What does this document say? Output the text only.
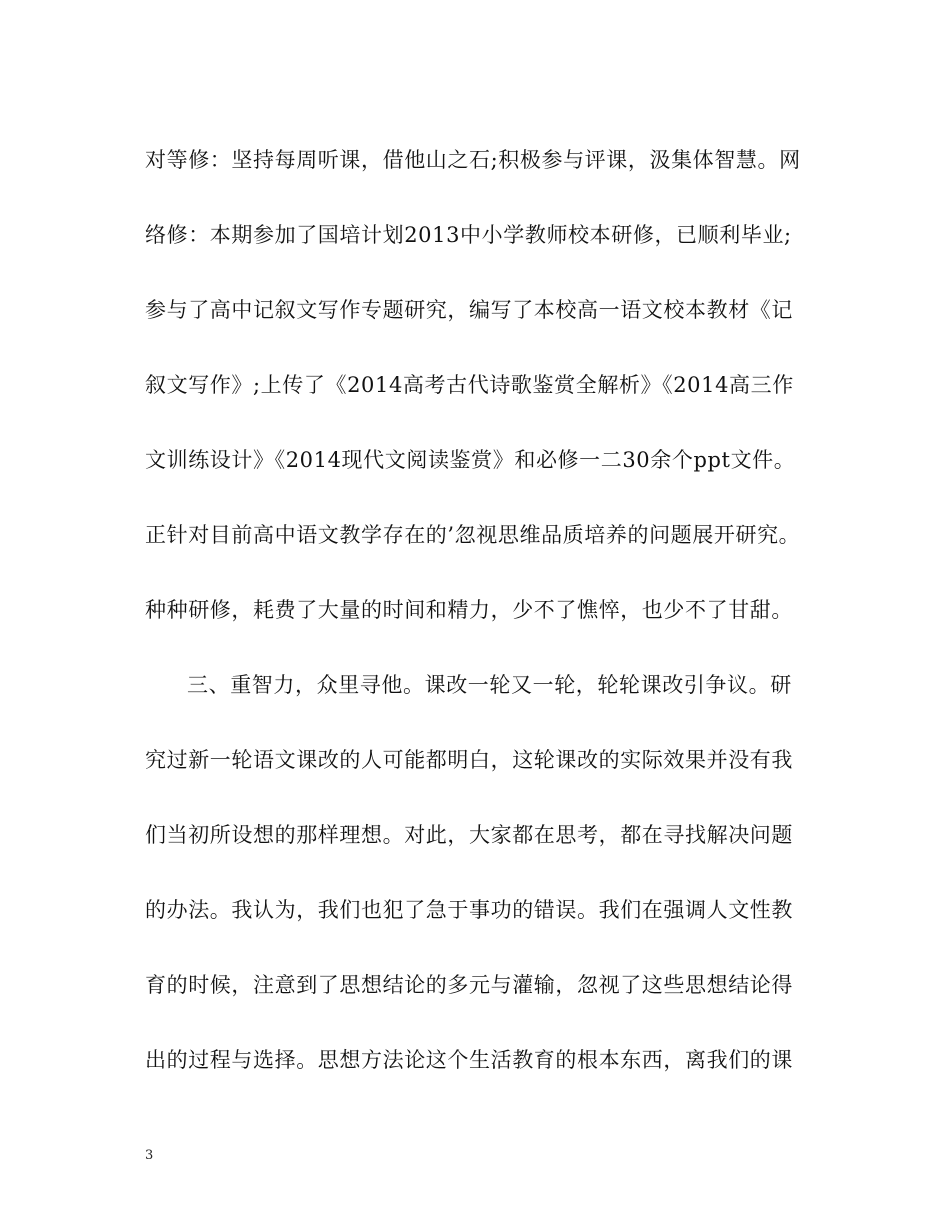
对等修：坚持每周听课，借他山之石;积极参与评课，汲集体智慧。网
络修：本期参加了国培计划2013中小学教师校本研修，已顺利毕业;
参与了高中记叙文写作专题研究，编写了本校高一语文校本教材《记
叙文写作》;上传了《2014高考古代诗歌鉴赏全解析》《2014高三作
文训练设计》《2014现代文阅读鉴赏》和必修一二30余个ppt文件。
正针对目前高中语文教学存在的’忽视思维品质培养的问题展开研究。
种种研修，耗费了大量的时间和精力，少不了憔悴，也少不了甘甜。
三、重智力，众里寻他。课改一轮又一轮，轮轮课改引争议。研
究过新一轮语文课改的人可能都明白，这轮课改的实际效果并没有我
们当初所设想的那样理想。对此，大家都在思考，都在寻找解决问题
的办法。我认为，我们也犯了急于事功的错误。我们在强调人文性教
育的时候，注意到了思想结论的多元与灌输，忽视了这些思想结论得
出的过程与选择。思想方法论这个生活教育的根本东西，离我们的课
3
